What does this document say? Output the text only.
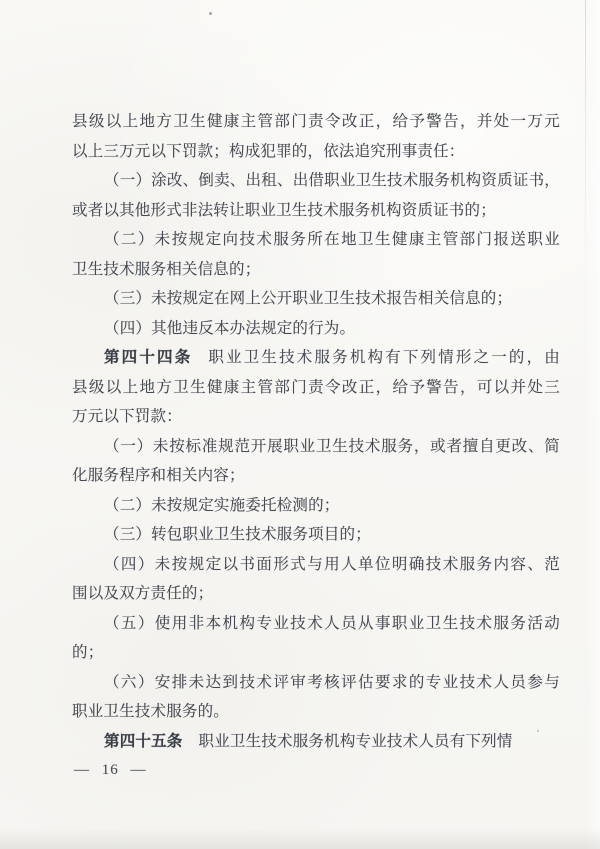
县级以上地方卫生健康主管部门责令改正，给予警告，并处一万元
以上三万元以下罚款；构成犯罪的，依法追究刑事责任：
（一）涂改、倒卖、出租、出借职业卫生技术服务机构资质证书，
或者以其他形式非法转让职业卫生技术服务机构资质证书的；
（二）未按规定向技术服务所在地卫生健康主管部门报送职业
卫生技术服务相关信息的；
（三）未按规定在网上公开职业卫生技术报告相关信息的；
（四）其他违反本办法规定的行为。
第四十四条 职业卫生技术服务机构有下列情形之一的，由
县级以上地方卫生健康主管部门责令改正，给予警告，可以并处三
万元以下罚款：
（一）未按标准规范开展职业卫生技术服务，或者擅自更改、简
化服务程序和相关内容；
（二）未按规定实施委托检测的；
（三）转包职业卫生技术服务项目的；
（四）未按规定以书面形式与用人单位明确技术服务内容、范
围以及双方责任的；
（五）使用非本机构专业技术人员从事职业卫生技术服务活动
的；
（六）安排未达到技术评审考核评估要求的专业技术人员参与
职业卫生技术服务的。
第四十五条 职业卫生技术服务机构专业技术人员有下列情
— 16 —
